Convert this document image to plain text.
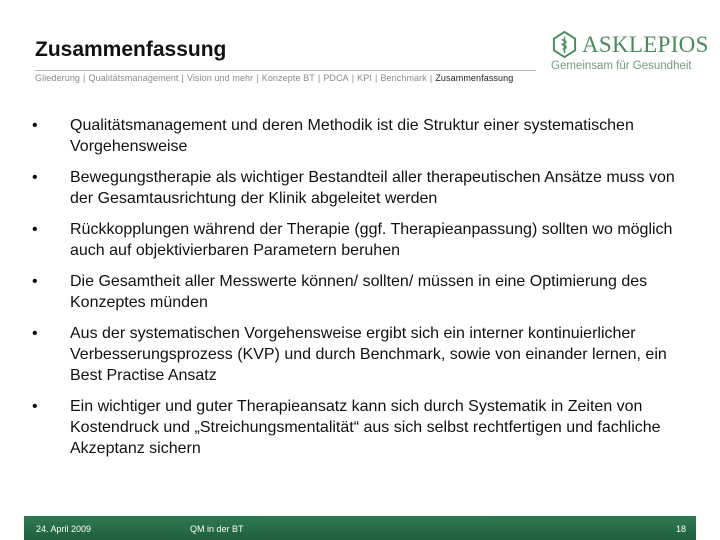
Zusammenfassung
Gliederung | Qualitätsmanagement | Vision und mehr | Konzepte BT | PDCA | KPI | Benchmark | Zusammenfassung
ASKLEPIOS
Gemeinsam für Gesundheit
• Qualitätsmanagement und deren Methodik ist die Struktur einer systematischen Vorgehensweise
• Bewegungstherapie als wichtiger Bestandteil aller therapeutischen Ansätze muss von der Gesamtausrichtung der Klinik abgeleitet werden
• Rückkopplungen während der Therapie (ggf. Therapieanpassung) sollten wo möglich auch auf objektivierbaren Parametern beruhen
• Die Gesamtheit aller Messwerte können/ sollten/ müssen in eine Optimierung des Konzeptes münden
• Aus der systematischen Vorgehensweise ergibt sich ein interner kontinuierlicher Verbesserungsprozess (KVP) und durch Benchmark, sowie von einander lernen, ein Best Practise Ansatz
• Ein wichtiger und guter Therapieansatz kann sich durch Systematik in Zeiten von Kostendruck und „Streichungsmentalität“ aus sich selbst rechtfertigen und fachliche Akzeptanz sichern
24. April 2009	QM in der BT	18
